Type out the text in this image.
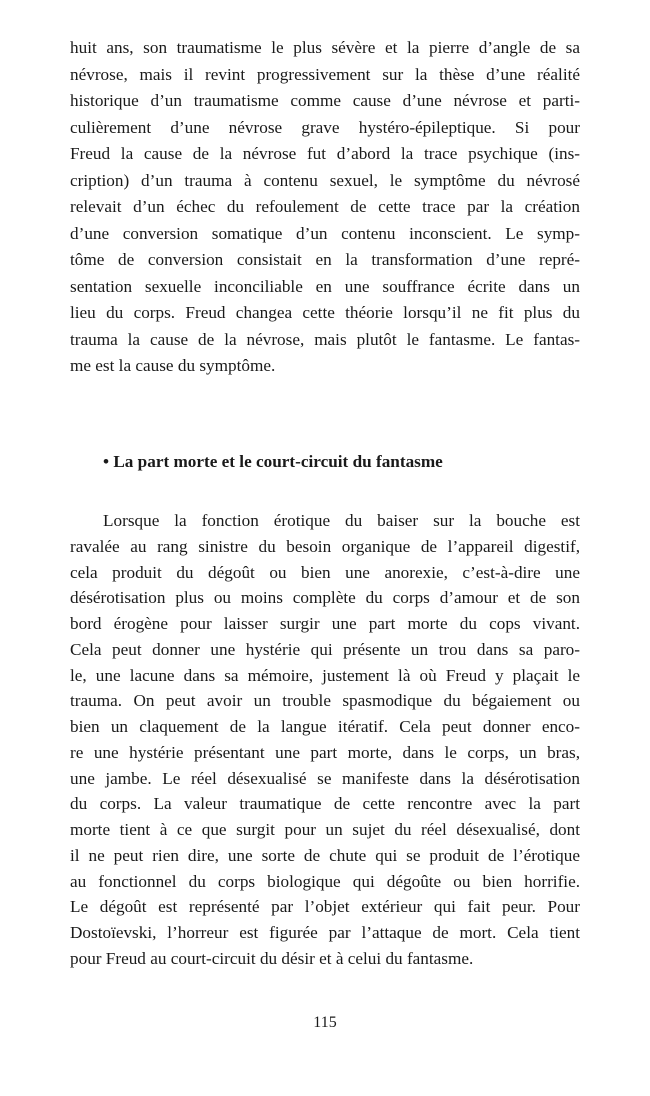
huit ans, son traumatisme le plus sévère et la pierre d’angle de sa
névrose, mais il revint progressivement sur la thèse d’une réalité
historique d’un traumatisme comme cause d’une névrose et parti-
culièrement d’une névrose grave hystéro-épileptique. Si pour
Freud la cause de la névrose fut d’abord la trace psychique (ins-
cription) d’un trauma à contenu sexuel, le symptôme du névrosé
relevait d’un échec du refoulement de cette trace par la création
d’une conversion somatique d’un contenu inconscient. Le symp-
tôme de conversion consistait en la transformation d’une repré-
sentation sexuelle inconciliable en une souffrance écrite dans un
lieu du corps. Freud changea cette théorie lorsqu’il ne fit plus du
trauma la cause de la névrose, mais plutôt le fantasme. Le fantas-
me est la cause du symptôme.
• La part morte et le court-circuit du fantasme
Lorsque la fonction érotique du baiser sur la bouche est
ravalée au rang sinistre du besoin organique de l’appareil digestif,
cela produit du dégoût ou bien une anorexie, c’est-à-dire une
désérotisation plus ou moins complète du corps d’amour et de son
bord érogène pour laisser surgir une part morte du cops vivant.
Cela peut donner une hystérie qui présente un trou dans sa paro-
le, une lacune dans sa mémoire, justement là où Freud y plaçait le
trauma. On peut avoir un trouble spasmodique du bégaiement ou
bien un claquement de la langue itératif. Cela peut donner enco-
re une hystérie présentant une part morte, dans le corps, un bras,
une jambe. Le réel désexualisé se manifeste dans la désérotisation
du corps. La valeur traumatique de cette rencontre avec la part
morte tient à ce que surgit pour un sujet du réel désexualisé, dont
il ne peut rien dire, une sorte de chute qui se produit de l’érotique
au fonctionnel du corps biologique qui dégoûte ou bien horrifie.
Le dégoût est représenté par l’objet extérieur qui fait peur. Pour
Dostoïevski, l’horreur est figurée par l’attaque de mort. Cela tient
pour Freud au court-circuit du désir et à celui du fantasme.
115
